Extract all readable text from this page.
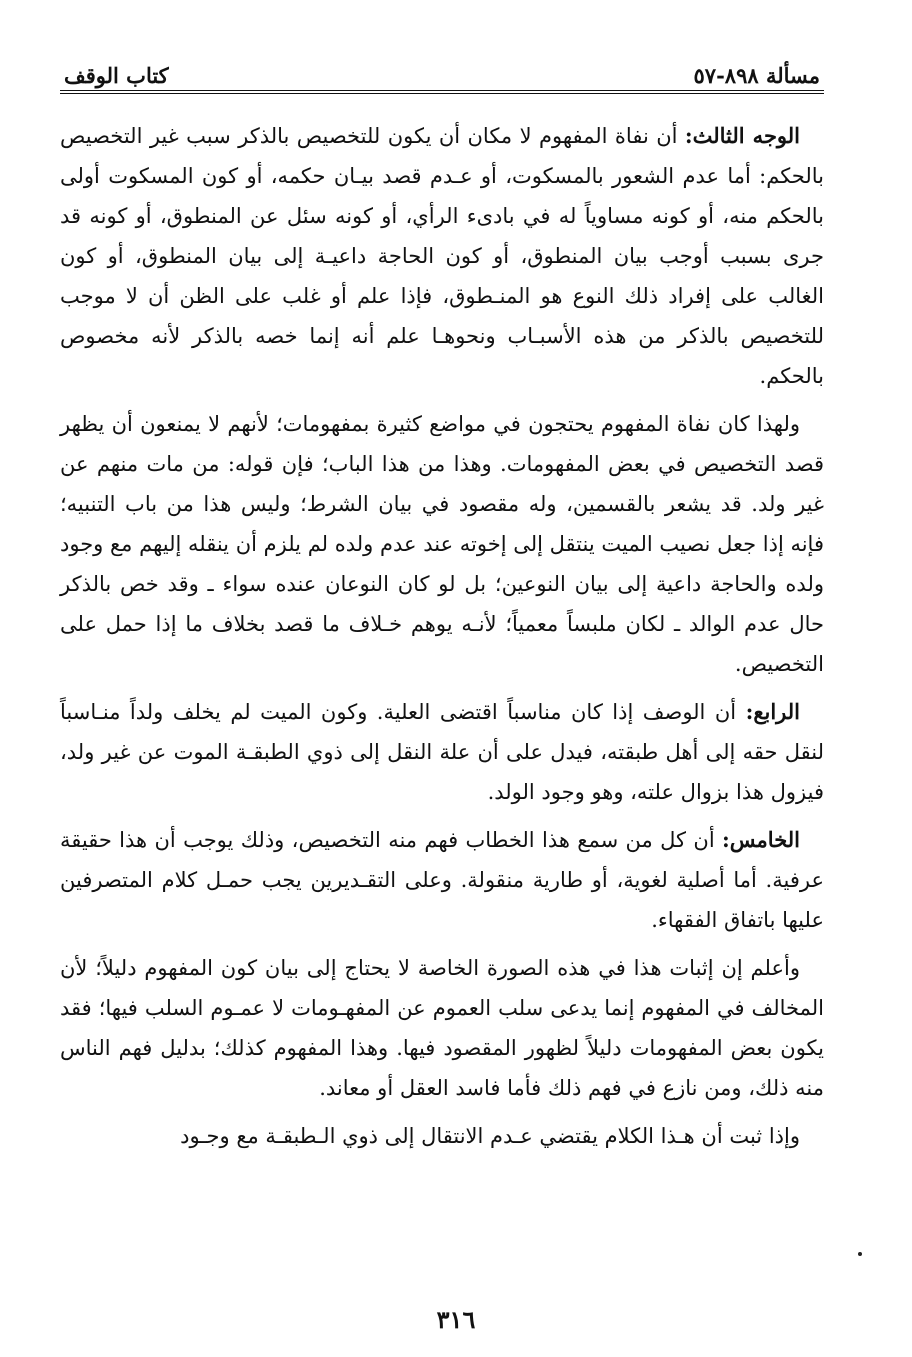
مسألة ٨٩٨-٥٧
كتاب الوقف

الوجه الثالث: أن نفاة المفهوم لا مكان أن يكون للتخصيص بالذكر سبب غير التخصيص بالحكم: أما عدم الشعور بالمسكوت، أو عـدم قصد بيـان حكمه، أو كون المسكوت أولى بالحكم منه، أو كونه مساوياً له في بادىء الرأي، أو كونه سئل عن المنطوق، أو كونه قد جرى بسبب أوجب بيان المنطوق، أو كون الحاجة داعيـة إلى بيان المنطوق، أو كون الغالب على إفراد ذلك النوع هو المنـطوق، فإذا علم أو غلب على الظن أن لا موجب للتخصيص بالذكر من هذه الأسبـاب ونحوهـا علم أنه إنما خصه بالذكر لأنه مخصوص بالحكم.

ولهذا كان نفاة المفهوم يحتجون في مواضع كثيرة بمفهومات؛ لأنهم لا يمنعون أن يظهر قصد التخصيص في بعض المفهومات. وهذا من هذا الباب؛ فإن قوله: من مات منهم عن غير ولد. قد يشعر بالقسمين، وله مقصود في بيان الشرط؛ وليس هذا من باب التنبيه؛ فإنه إذا جعل نصيب الميت ينتقل إلى إخوته عند عدم ولده لم يلزم أن ينقله إليهم مع وجود ولده والحاجة داعية إلى بيان النوعين؛ بل لو كان النوعان عنده سواء ـ وقد خص بالذكر حال عدم الوالد ـ لكان ملبساً معمياً؛ لأنـه يوهم خـلاف ما قصد بخلاف ما إذا حمل على التخصيص.

الرابع: أن الوصف إذا كان مناسباً اقتضى العلية. وكون الميت لم يخلف ولداً منـاسباً لنقل حقه إلى أهل طبقته، فيدل على أن علة النقل إلى ذوي الطبقـة الموت عن غير ولد، فيزول هذا بزوال علته، وهو وجود الولد.

الخامس: أن كل من سمع هذا الخطاب فهم منه التخصيص، وذلك يوجب أن هذا حقيقة عرفية. أما أصلية لغوية، أو طارية منقولة. وعلى التقـديرين يجب حمـل كلام المتصرفين عليها باتفاق الفقهاء.

وأعلم إن إثبات هذا في هذه الصورة الخاصة لا يحتاج إلى بيان كون المفهوم دليلاً؛ لأن المخالف في المفهوم إنما يدعى سلب العموم عن المفهـومات لا عمـوم السلب فيها؛ فقد يكون بعض المفهومات دليلاً لظهور المقصود فيها. وهذا المفهوم كذلك؛ بدليل فهم الناس منه ذلك، ومن نازع في فهم ذلك فأما فاسد العقل أو معاند.

وإذا ثبت أن هـذا الكلام يقتضي عـدم الانتقال إلى ذوي الـطبقـة مع وجـود

٣١٦
